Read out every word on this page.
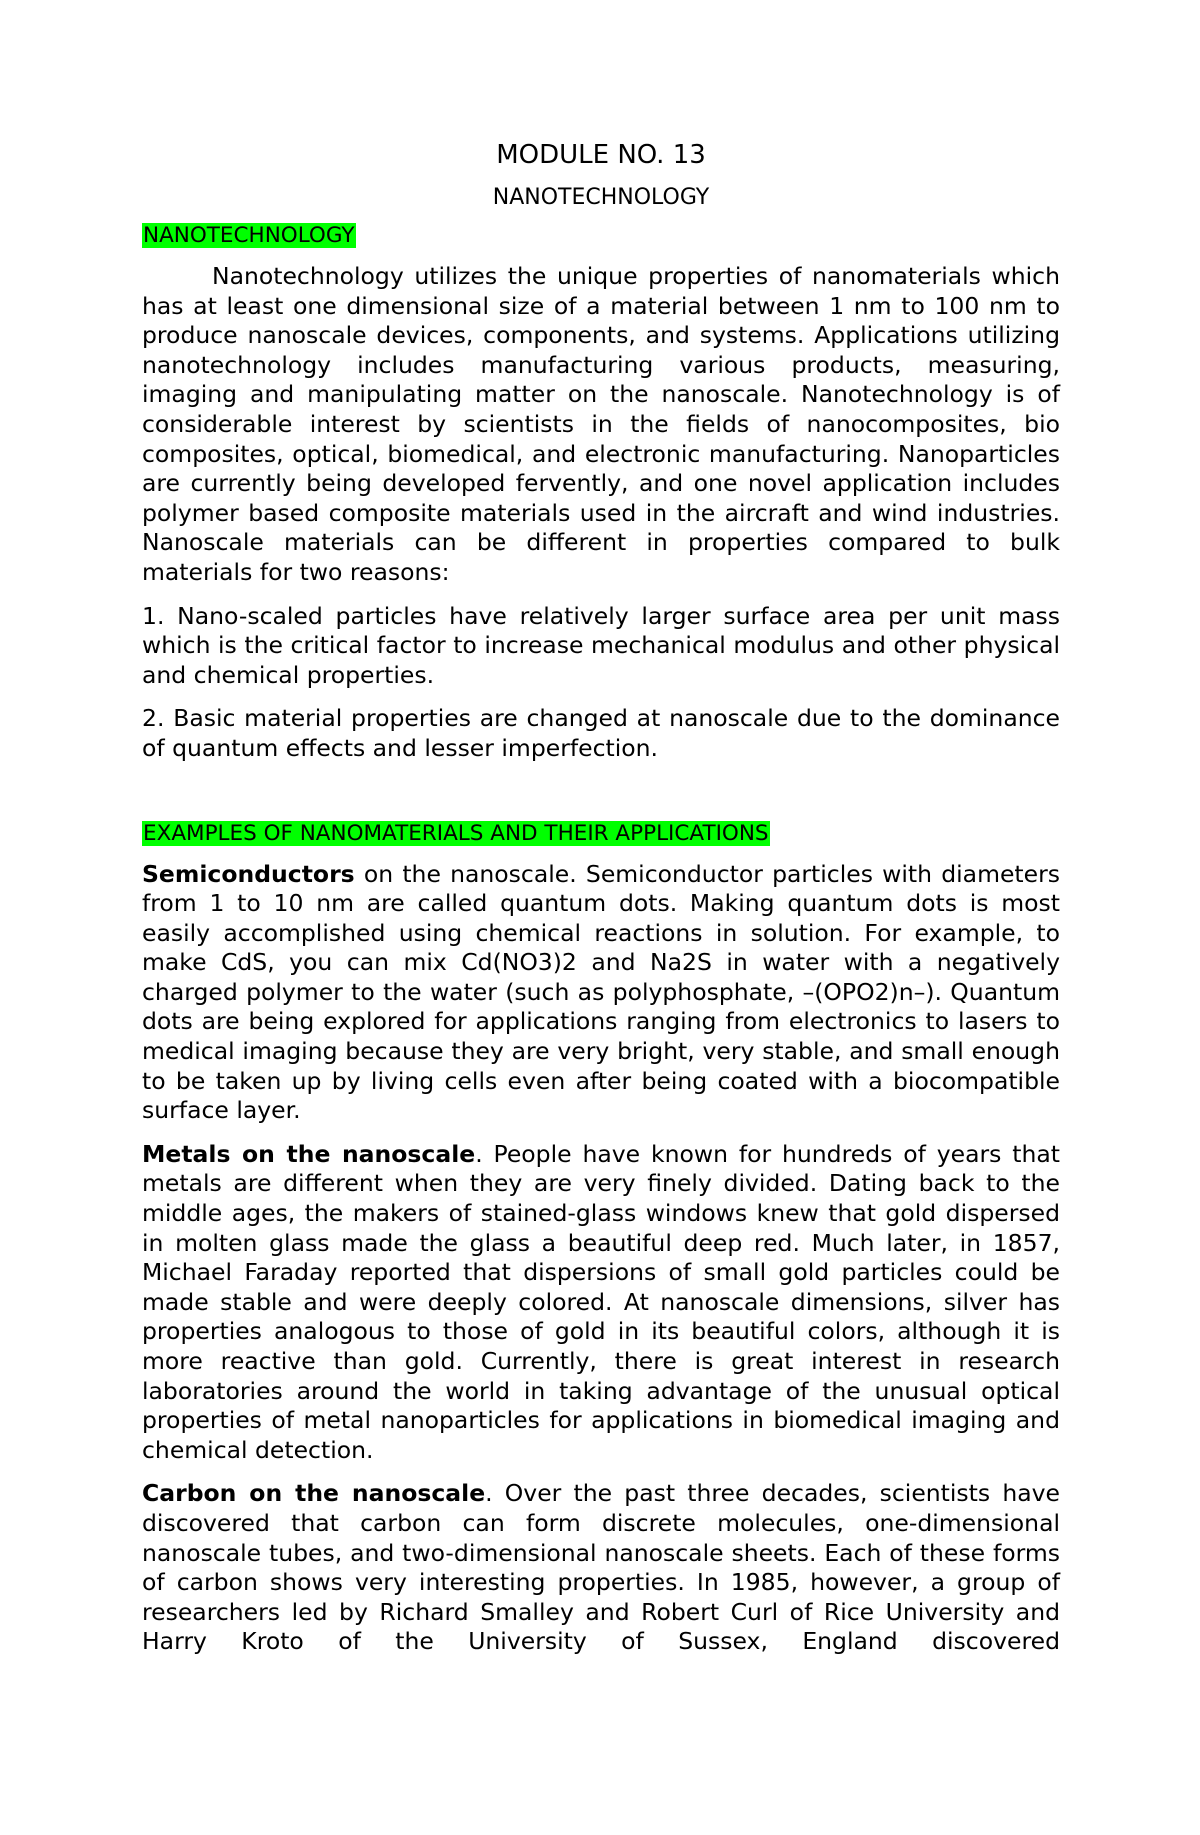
MODULE NO. 13
NANOTECHNOLOGY
NANOTECHNOLOGY

Nanotechnology utilizes the unique properties of nanomaterials which has at least one dimensional size of a material between 1 nm to 100 nm to produce nanoscale devices, components, and systems. Applications utilizing nanotechnology includes manufacturing various products, measuring, imaging and manipulating matter on the nanoscale. Nanotechnology is of considerable interest by scientists in the fields of nanocomposites, bio composites, optical, biomedical, and electronic manufacturing. Nanoparticles are currently being developed fervently, and one novel application includes polymer based composite materials used in the aircraft and wind industries. Nanoscale materials can be different in properties compared to bulk materials for two reasons:

1. Nano-scaled particles have relatively larger surface area per unit mass which is the critical factor to increase mechanical modulus and other physical and chemical properties.

2. Basic material properties are changed at nanoscale due to the dominance of quantum effects and lesser imperfection.

EXAMPLES OF NANOMATERIALS AND THEIR APPLICATIONS

Semiconductors on the nanoscale. Semiconductor particles with diameters from 1 to 10 nm are called quantum dots. Making quantum dots is most easily accomplished using chemical reactions in solution. For example, to make CdS, you can mix Cd(NO3)2 and Na2S in water with a negatively charged polymer to the water (such as polyphosphate, –(OPO2)n–). Quantum dots are being explored for applications ranging from electronics to lasers to medical imaging because they are very bright, very stable, and small enough to be taken up by living cells even after being coated with a biocompatible surface layer.

Metals on the nanoscale. People have known for hundreds of years that metals are different when they are very finely divided. Dating back to the middle ages, the makers of stained-glass windows knew that gold dispersed in molten glass made the glass a beautiful deep red. Much later, in 1857, Michael Faraday reported that dispersions of small gold particles could be made stable and were deeply colored. At nanoscale dimensions, silver has properties analogous to those of gold in its beautiful colors, although it is more reactive than gold. Currently, there is great interest in research laboratories around the world in taking advantage of the unusual optical properties of metal nanoparticles for applications in biomedical imaging and chemical detection.

Carbon on the nanoscale. Over the past three decades, scientists have discovered that carbon can form discrete molecules, one-dimensional nanoscale tubes, and two-dimensional nanoscale sheets. Each of these forms of carbon shows very interesting properties. In 1985, however, a group of researchers led by Richard Smalley and Robert Curl of Rice University and Harry Kroto of the University of Sussex, England discovered
